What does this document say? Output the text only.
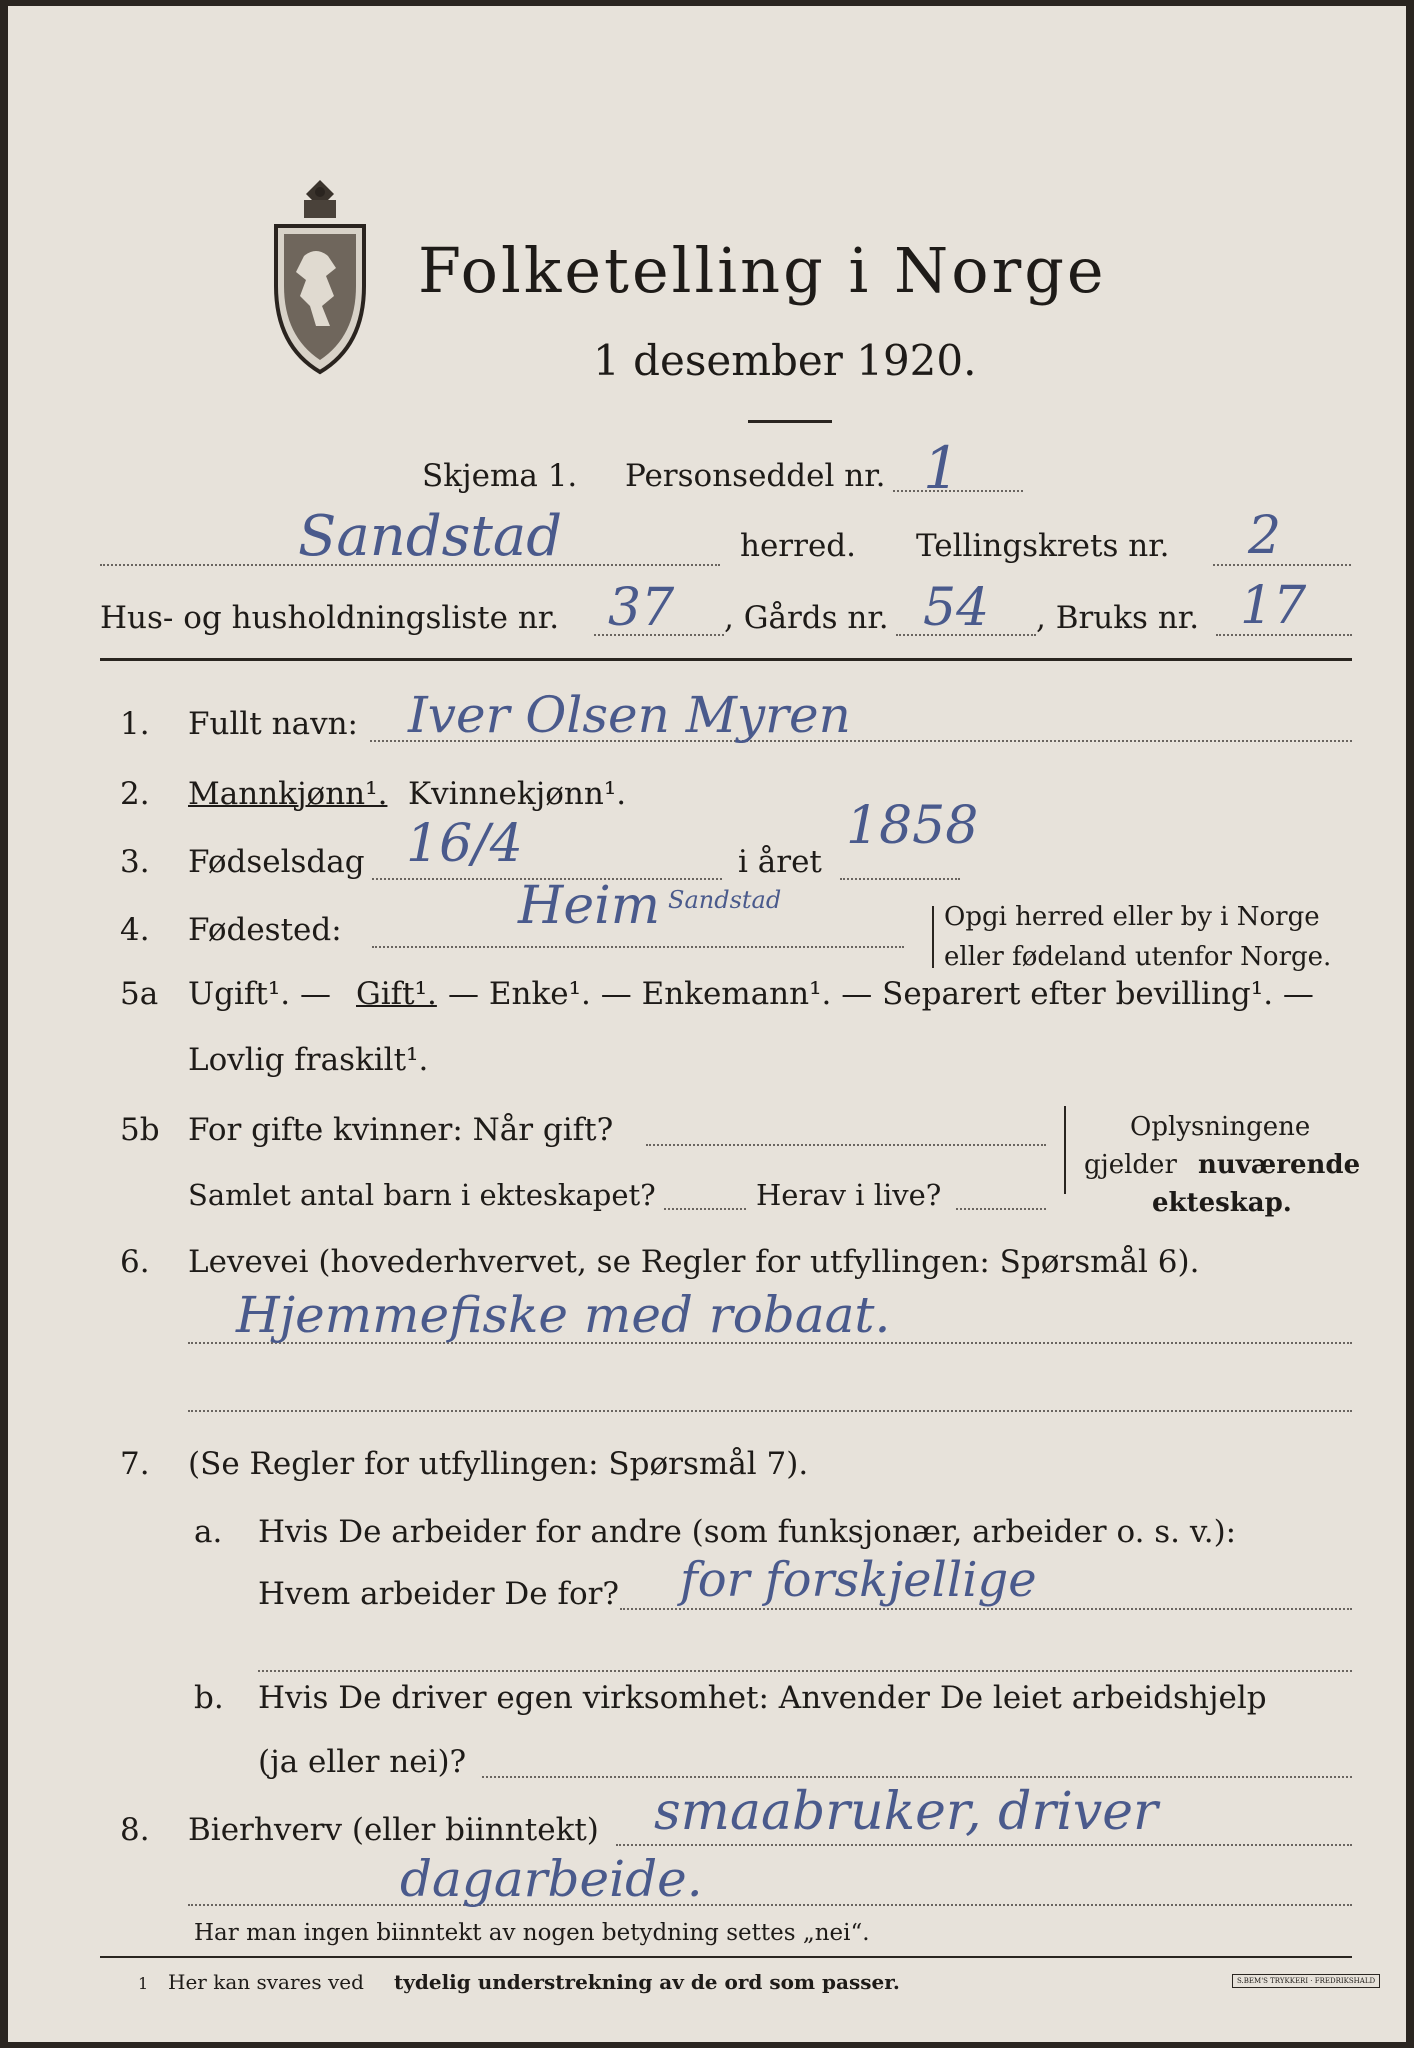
Folketelling i Norge
1 desember 1920.
Skjema 1. Personseddel nr. 1
Sandstad	herred. Tellingskrets nr. 2
Hus- og husholdningsliste nr. 37 , Gårds nr. 54 , Bruks nr. 17
1. Fullt navn: Iver Olsen Myren
2. Mannkjønn¹. Kvinnekjønn¹.
3. Fødselsdag 16/4	i året
1858
4. Fødested:	Heim Sandstad
Opgi herred eller by i Norge
eller fødeland utenfor Norge.
5a Ugift¹. — Gift¹. — Enke¹. — Enkemann¹. — Separert efter bevilling¹. —
Lovlig fraskilt¹.
5b For gifte kvinner: Når gift?
Samlet antal barn i ekteskapet?	Herav i live?
Oplysningene
gjelder nuværende
ekteskap.
6. Levevei (hovederhvervet, se Regler for utfyllingen: Spørsmål 6).
Hjemmefiske med robaat.
7. (Se Regler for utfyllingen: Spørsmål 7).
a. Hvis De arbeider for andre (som funksjonær, arbeider o. s. v.):
Hvem arbeider De for? for forskjellige
b. Hvis De driver egen virksomhet: Anvender De leiet arbeidshjelp
(ja eller nei)?
8. Bierhverv (eller biinntekt) smaabruker, driver
dagarbeide.
Har man ingen biinntekt av nogen betydning settes „nei“.
1 Her kan svares ved tydelig understrekning av de ord som passer.	S.BEM'S TRYKKERI · FREDRIKSHALD
